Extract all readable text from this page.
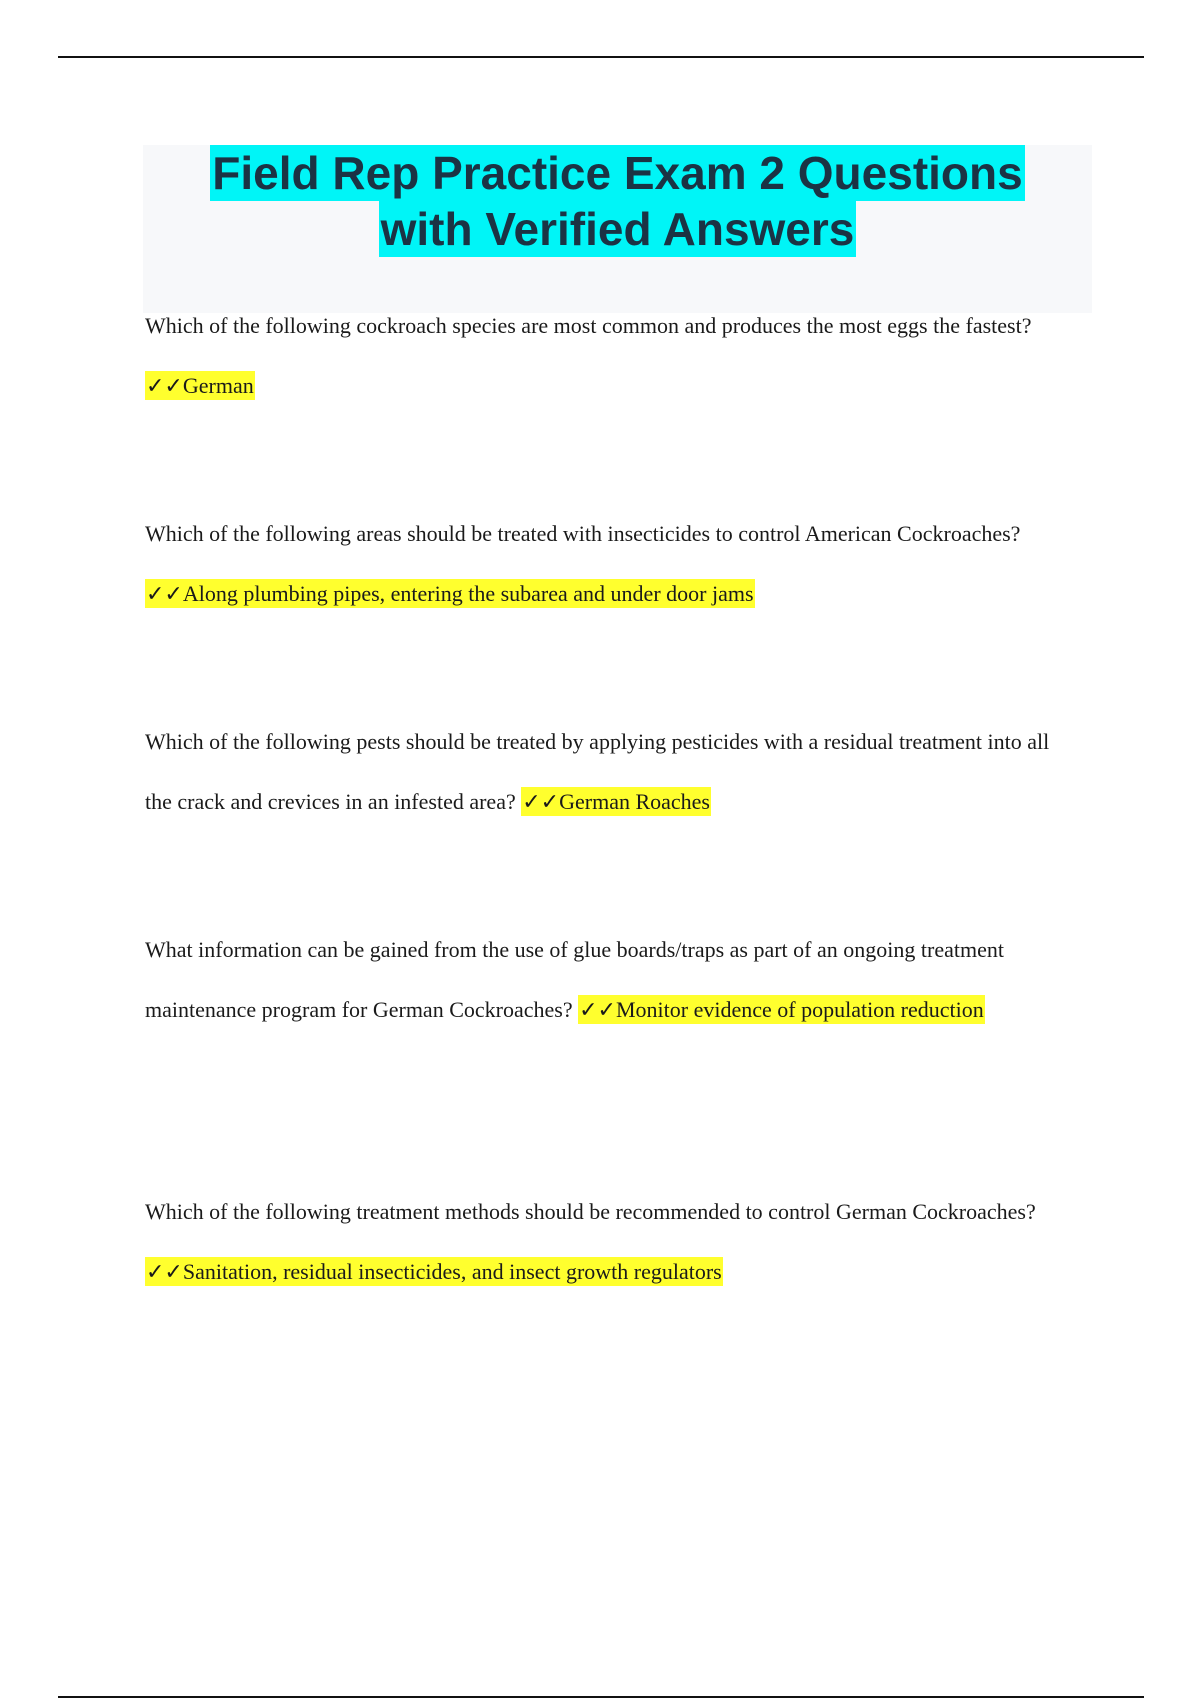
Field Rep Practice Exam 2 Questions
with Verified Answers
Which of the following cockroach species are most common and produces the most eggs the fastest? ✓✓German
Which of the following areas should be treated with insecticides to control American Cockroaches? ✓✓Along plumbing pipes, entering the subarea and under door jams
Which of the following pests should be treated by applying pesticides with a residual treatment into all the crack and crevices in an infested area? ✓✓German Roaches
What information can be gained from the use of glue boards/traps as part of an ongoing treatment maintenance program for German Cockroaches? ✓✓Monitor evidence of population reduction
Which of the following treatment methods should be recommended to control German Cockroaches? ✓✓Sanitation, residual insecticides, and insect growth regulators
